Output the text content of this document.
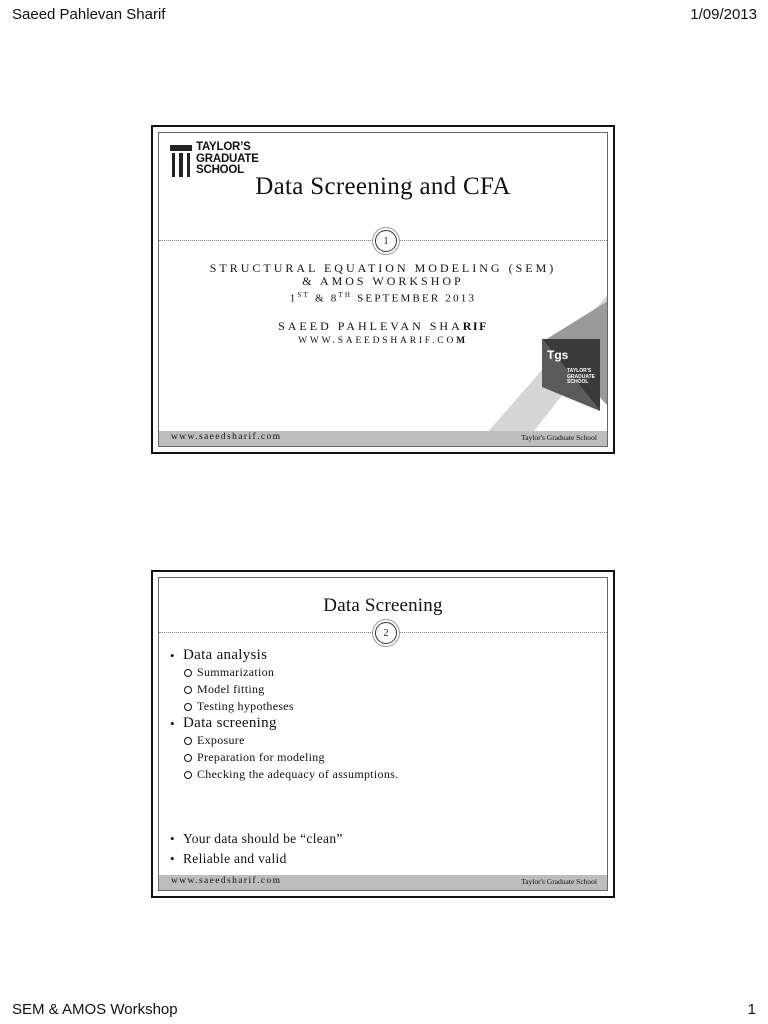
Saeed Pahlevan Sharif	1/09/2013
TAYLOR’S
GRADUATE
SCHOOL
Data Screening and CFA
1
STRUCTURAL EQUATION MODELING (SEM)
& AMOS WORKSHOP
1ST & 8TH SEPTEMBER 2013
SAEED PAHLEVAN SHARIF
WWW.SAEEDSHARIF.COM
Tgs
TAYLOR'S
GRADUATE
SCHOOL
www.saeedsharif.com	Taylor's Graduate School
Data Screening
2
• Data analysis
Summarization
Model fitting
Testing hypotheses
• Data screening
Exposure
Preparation for modeling
Checking the adequacy of assumptions.
• Your data should be “clean”
• Reliable and valid
www.saeedsharif.com	Taylor's Graduate School
SEM & AMOS Workshop	1
